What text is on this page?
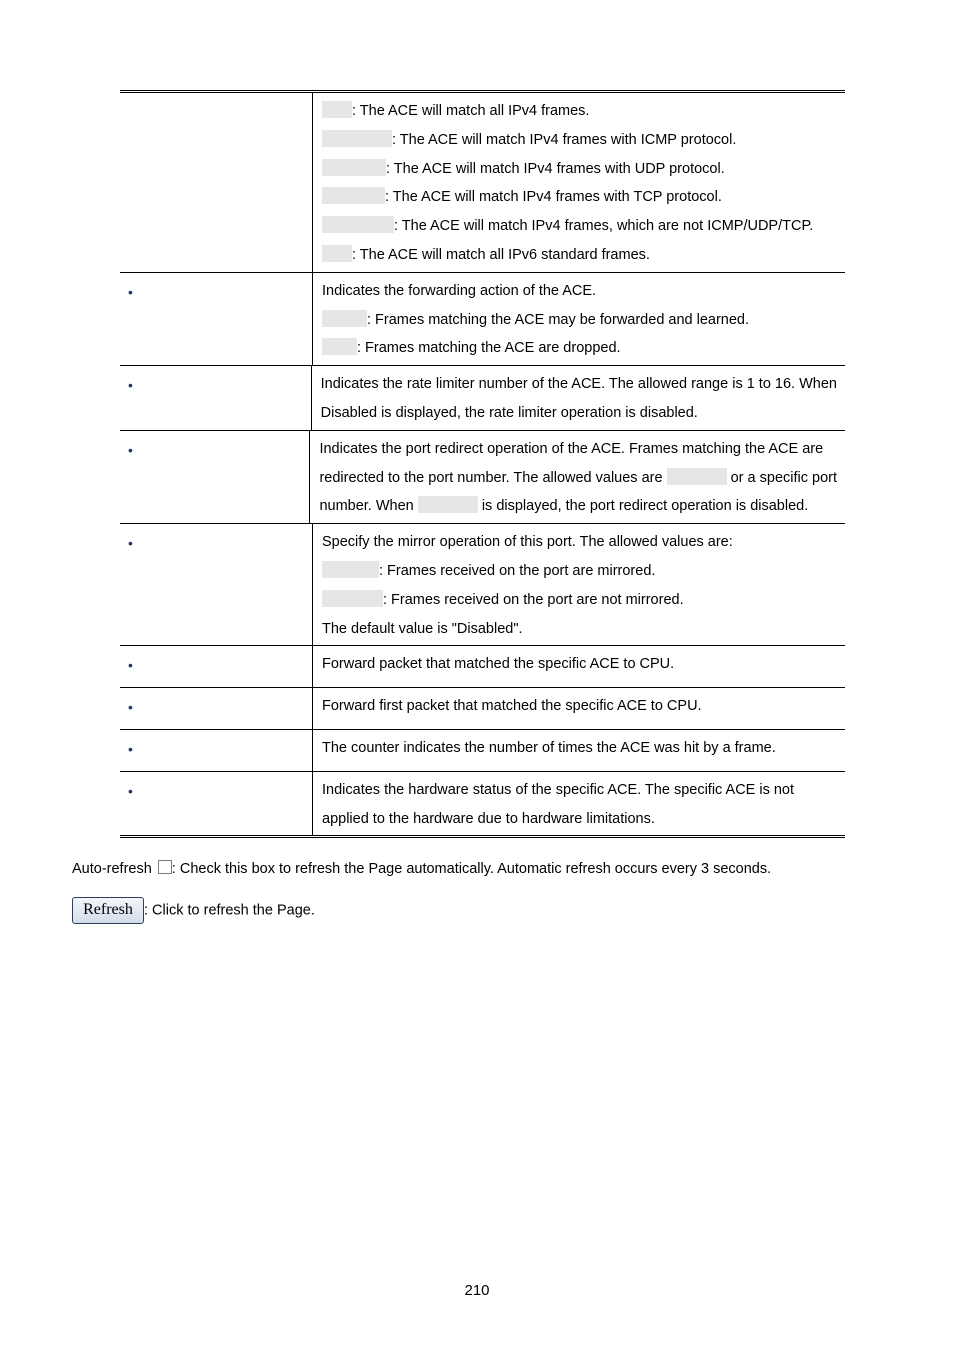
: The ACE will match all IPv4 frames.
: The ACE will match IPv4 frames with ICMP protocol.
: The ACE will match IPv4 frames with UDP protocol.
: The ACE will match IPv4 frames with TCP protocol.
: The ACE will match IPv4 frames, which are not ICMP/UDP/TCP.
: The ACE will match all IPv6 standard frames.
•	Indicates the forwarding action of the ACE.
: Frames matching the ACE may be forwarded and learned.
: Frames matching the ACE are dropped.
•	Indicates the rate limiter number of the ACE. The allowed range is 1 to 16. When
Disabled is displayed, the rate limiter operation is disabled.
•	Indicates the port redirect operation of the ACE. Frames matching the ACE are
redirected to the port number. The allowed values are	or a specific port
number. When	is displayed, the port redirect operation is disabled.
•	Specify the mirror operation of this port. The allowed values are:
: Frames received on the port are mirrored.
: Frames received on the port are not mirrored.
The default value is "Disabled".
•	Forward packet that matched the specific ACE to CPU.
•	Forward first packet that matched the specific ACE to CPU.
•	The counter indicates the number of times the ACE was hit by a frame.
•	Indicates the hardware status of the specific ACE. The specific ACE is not
applied to the hardware due to hardware limitations.
Auto-refresh : Check this box to refresh the Page automatically. Automatic refresh occurs every 3 seconds.
Refresh : Click to refresh the Page.
210
